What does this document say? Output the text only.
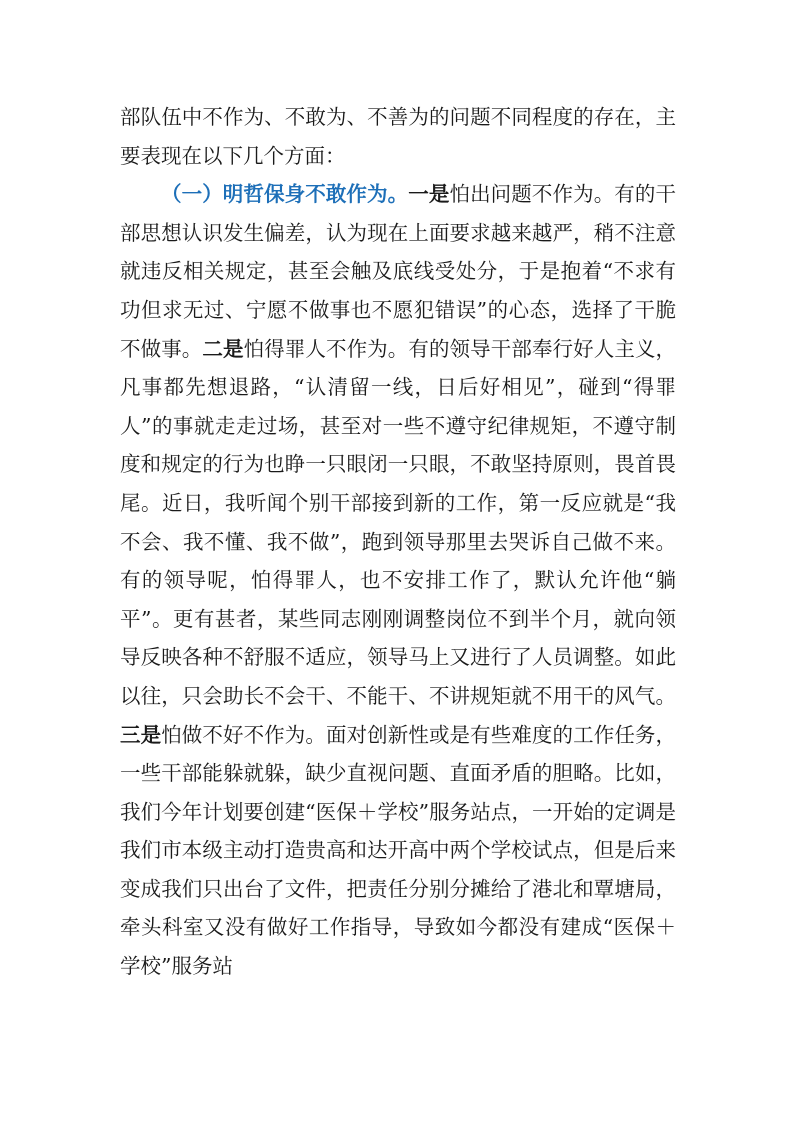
部队伍中不作为、不敢为、不善为的问题不同程度的存在，主要表现在以下几个方面：

（一）明哲保身不敢作为。一是怕出问题不作为。有的干部思想认识发生偏差，认为现在上面要求越来越严，稍不注意就违反相关规定，甚至会触及底线受处分，于是抱着“不求有功但求无过、宁愿不做事也不愿犯错误”的心态，选择了干脆不做事。二是怕得罪人不作为。有的领导干部奉行好人主义，凡事都先想退路，“认清留一线，日后好相见”，碰到“得罪人”的事就走走过场，甚至对一些不遵守纪律规矩，不遵守制度和规定的行为也睁一只眼闭一只眼，不敢坚持原则，畏首畏尾。近日，我听闻个别干部接到新的工作，第一反应就是“我不会、我不懂、我不做”，跑到领导那里去哭诉自己做不来。有的领导呢，怕得罪人，也不安排工作了，默认允许他“躺平”。更有甚者，某些同志刚刚调整岗位不到半个月，就向领导反映各种不舒服不适应，领导马上又进行了人员调整。如此以往，只会助长不会干、不能干、不讲规矩就不用干的风气。三是怕做不好不作为。面对创新性或是有些难度的工作任务，一些干部能躲就躲，缺少直视问题、直面矛盾的胆略。比如，我们今年计划要创建“医保＋学校”服务站点，一开始的定调是我们市本级主动打造贵高和达开高中两个学校试点，但是后来变成我们只出台了文件，把责任分别分摊给了港北和覃塘局，牵头科室又没有做好工作指导，导致如今都没有建成“医保＋学校”服务站
